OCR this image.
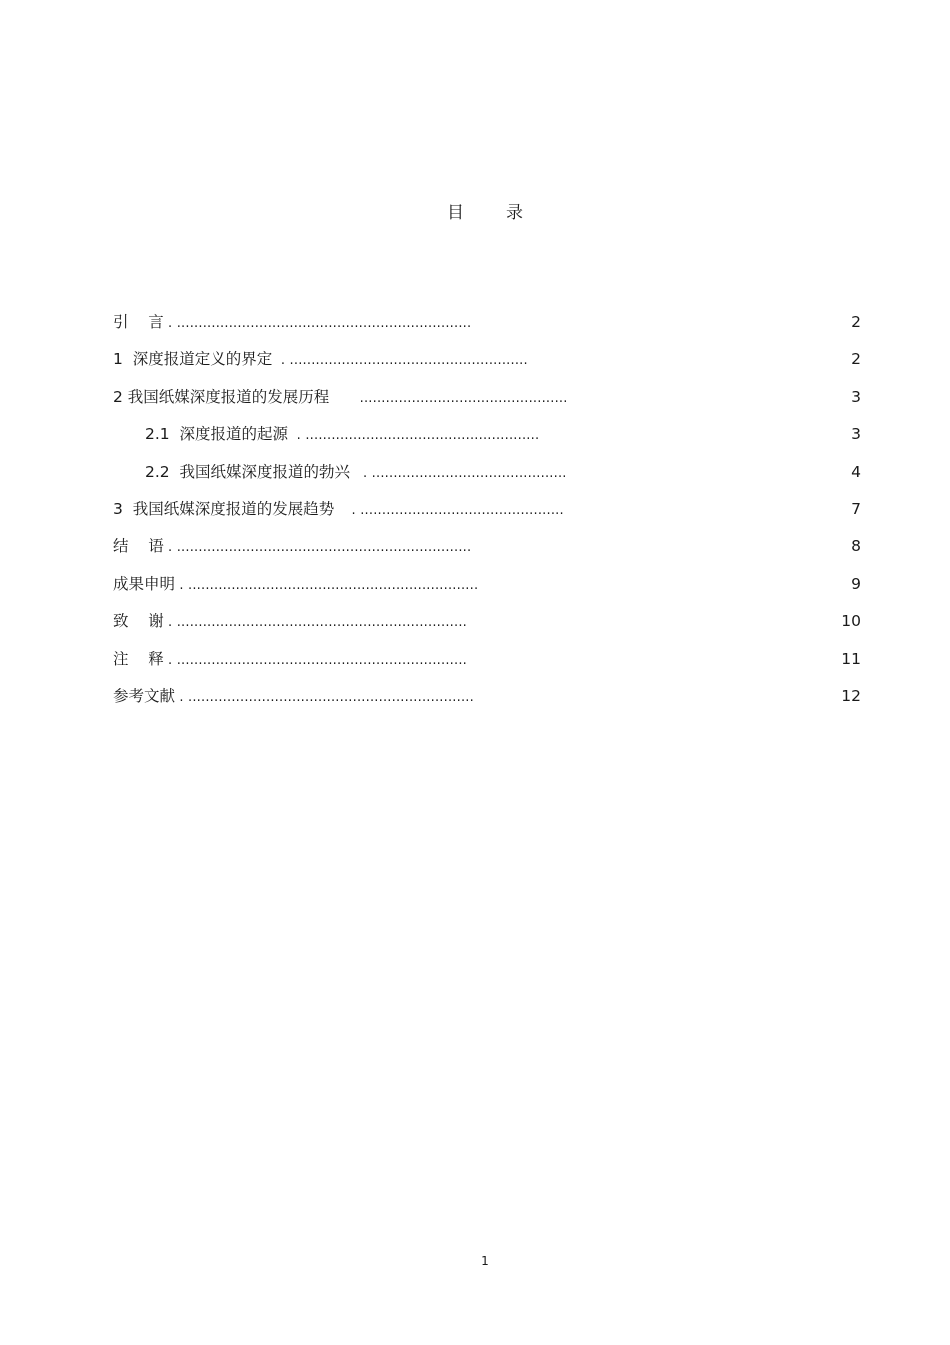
目 录
引    言 . ....................................................................	2
1  深度报道定义的界定  . .......................................................	2
2 我国纸媒深度报道的发展历程       ................................................	3
2.1  深度报道的起源  . ......................................................	3
2.2  我国纸媒深度报道的勃兴   . .............................................	4
3  我国纸媒深度报道的发展趋势    . ...............................................	7
结    语 . ....................................................................	8
成果申明 . ...................................................................	9
致    谢 . ...................................................................	10
注    释 . ...................................................................	11
参考文献 . ..................................................................	12
1
